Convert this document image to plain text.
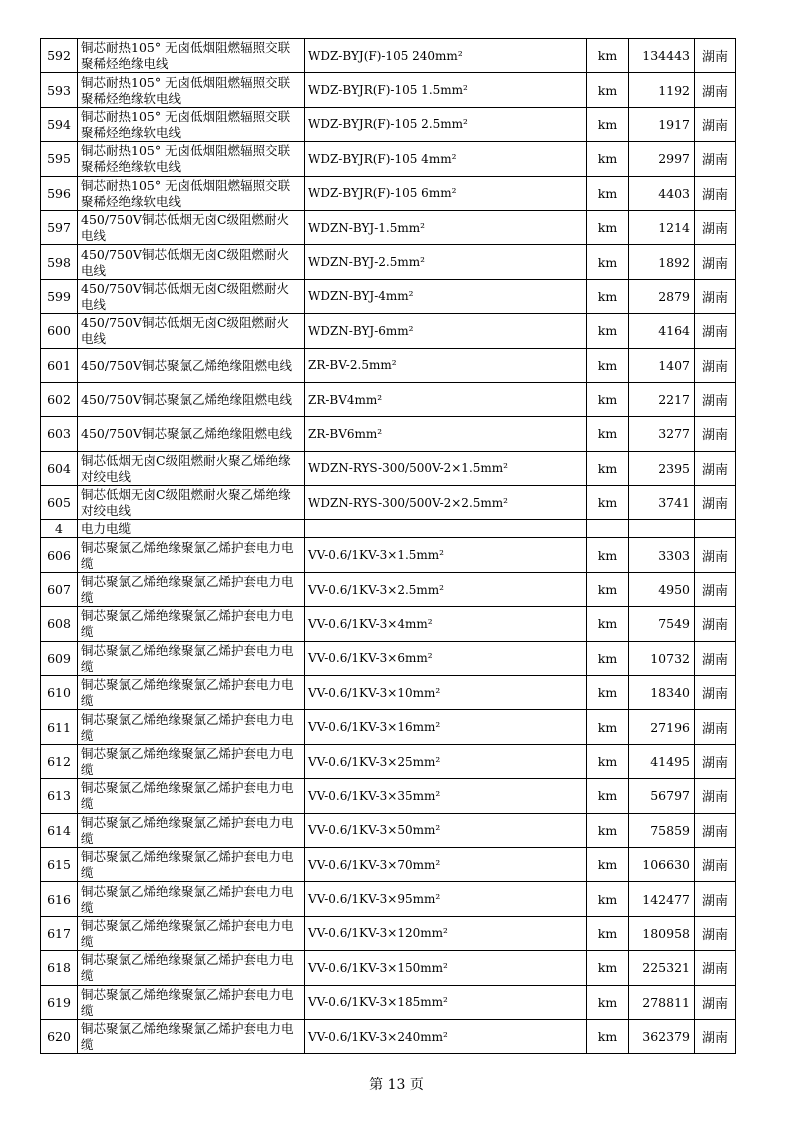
592	铜芯耐热105° 无卤低烟阻燃辐照交联聚稀烃绝缘电线	WDZ-BYJ(F)-105 240mm²	km	134443	湖南
593	铜芯耐热105° 无卤低烟阻燃辐照交联聚稀烃绝缘软电线	WDZ-BYJR(F)-105 1.5mm²	km	1192	湖南
594	铜芯耐热105° 无卤低烟阻燃辐照交联聚稀烃绝缘软电线	WDZ-BYJR(F)-105 2.5mm²	km	1917	湖南
595	铜芯耐热105° 无卤低烟阻燃辐照交联聚稀烃绝缘软电线	WDZ-BYJR(F)-105 4mm²	km	2997	湖南
596	铜芯耐热105° 无卤低烟阻燃辐照交联聚稀烃绝缘软电线	WDZ-BYJR(F)-105 6mm²	km	4403	湖南
597	450/750V铜芯低烟无卤C级阻燃耐火电线	WDZN-BYJ-1.5mm²	km	1214	湖南
598	450/750V铜芯低烟无卤C级阻燃耐火电线	WDZN-BYJ-2.5mm²	km	1892	湖南
599	450/750V铜芯低烟无卤C级阻燃耐火电线	WDZN-BYJ-4mm²	km	2879	湖南
600	450/750V铜芯低烟无卤C级阻燃耐火电线	WDZN-BYJ-6mm²	km	4164	湖南
601	450/750V铜芯聚氯乙烯绝缘阻燃电线	ZR-BV-2.5mm²	km	1407	湖南
602	450/750V铜芯聚氯乙烯绝缘阻燃电线	ZR-BV4mm²	km	2217	湖南
603	450/750V铜芯聚氯乙烯绝缘阻燃电线	ZR-BV6mm²	km	3277	湖南
604	铜芯低烟无卤C级阻燃耐火聚乙烯绝缘对绞电线	WDZN-RYS-300/500V-2×1.5mm²	km	2395	湖南
605	铜芯低烟无卤C级阻燃耐火聚乙烯绝缘对绞电线	WDZN-RYS-300/500V-2×2.5mm²	km	3741	湖南
4	电力电缆				
606	铜芯聚氯乙烯绝缘聚氯乙烯护套电力电缆	VV-0.6/1KV-3×1.5mm²	km	3303	湖南
607	铜芯聚氯乙烯绝缘聚氯乙烯护套电力电缆	VV-0.6/1KV-3×2.5mm²	km	4950	湖南
608	铜芯聚氯乙烯绝缘聚氯乙烯护套电力电缆	VV-0.6/1KV-3×4mm²	km	7549	湖南
609	铜芯聚氯乙烯绝缘聚氯乙烯护套电力电缆	VV-0.6/1KV-3×6mm²	km	10732	湖南
610	铜芯聚氯乙烯绝缘聚氯乙烯护套电力电缆	VV-0.6/1KV-3×10mm²	km	18340	湖南
611	铜芯聚氯乙烯绝缘聚氯乙烯护套电力电缆	VV-0.6/1KV-3×16mm²	km	27196	湖南
612	铜芯聚氯乙烯绝缘聚氯乙烯护套电力电缆	VV-0.6/1KV-3×25mm²	km	41495	湖南
613	铜芯聚氯乙烯绝缘聚氯乙烯护套电力电缆	VV-0.6/1KV-3×35mm²	km	56797	湖南
614	铜芯聚氯乙烯绝缘聚氯乙烯护套电力电缆	VV-0.6/1KV-3×50mm²	km	75859	湖南
615	铜芯聚氯乙烯绝缘聚氯乙烯护套电力电缆	VV-0.6/1KV-3×70mm²	km	106630	湖南
616	铜芯聚氯乙烯绝缘聚氯乙烯护套电力电缆	VV-0.6/1KV-3×95mm²	km	142477	湖南
617	铜芯聚氯乙烯绝缘聚氯乙烯护套电力电缆	VV-0.6/1KV-3×120mm²	km	180958	湖南
618	铜芯聚氯乙烯绝缘聚氯乙烯护套电力电缆	VV-0.6/1KV-3×150mm²	km	225321	湖南
619	铜芯聚氯乙烯绝缘聚氯乙烯护套电力电缆	VV-0.6/1KV-3×185mm²	km	278811	湖南
620	铜芯聚氯乙烯绝缘聚氯乙烯护套电力电缆	VV-0.6/1KV-3×240mm²	km	362379	湖南
第 13 页
